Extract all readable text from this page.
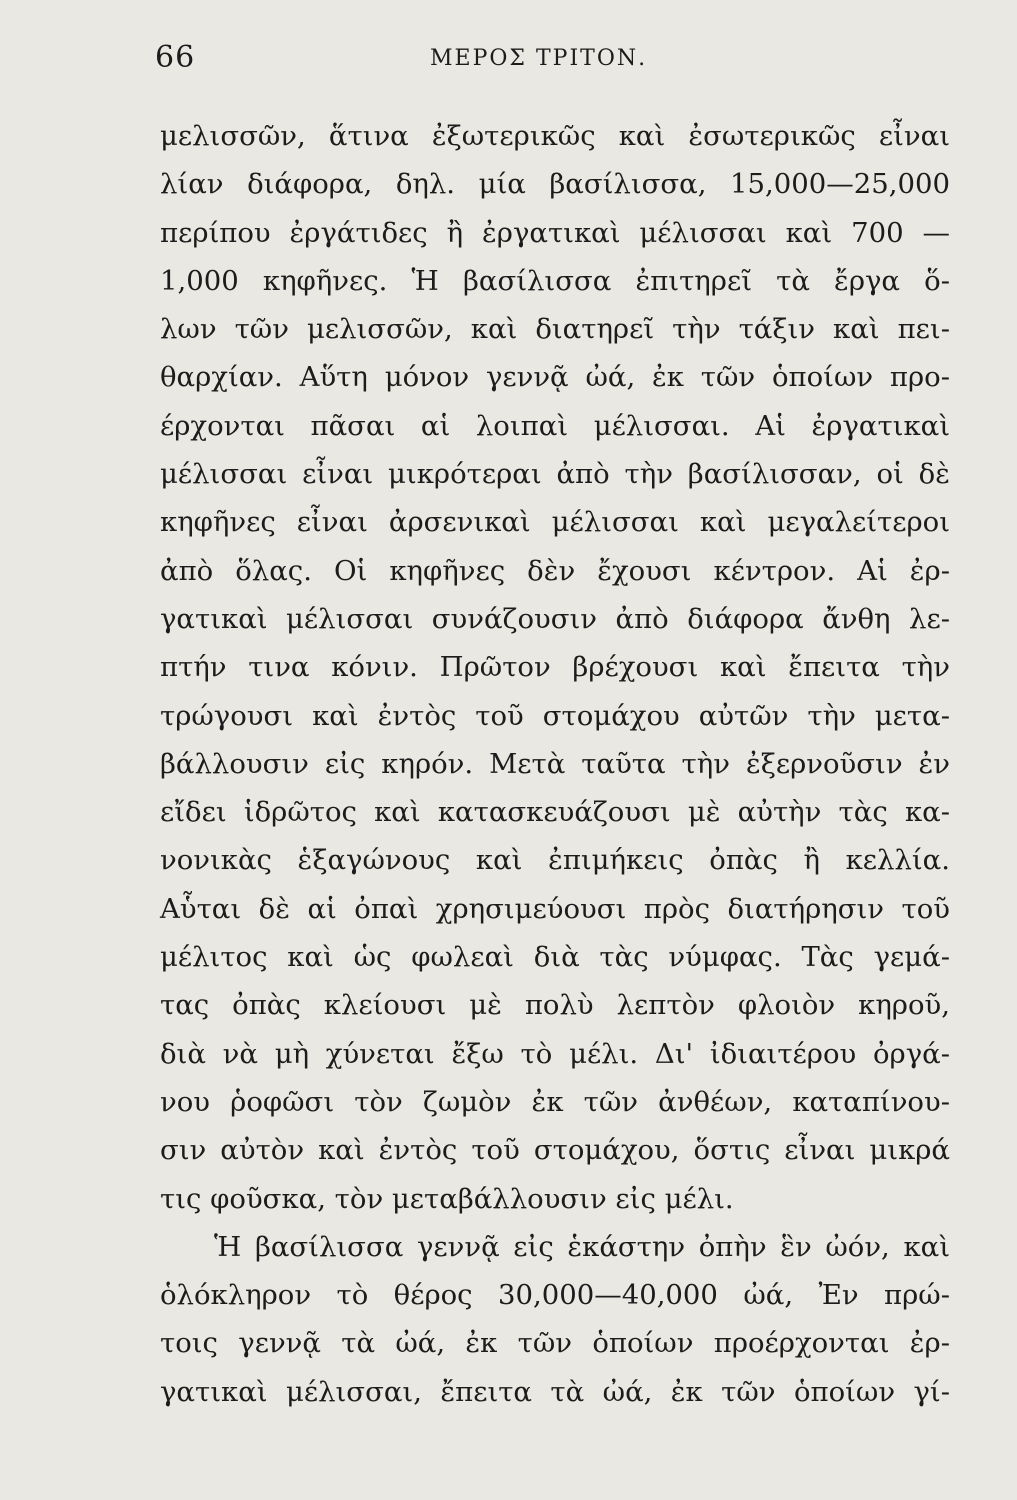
66	ΜΕΡΟΣ ΤΡΙΤΟΝ.
μελισσῶν, ἅτινα ἐξωτερικῶς καὶ ἐσωτερικῶς εἶναι
λίαν διάφορα, δηλ. μία βασίλισσα, 15,000—25,000
περίπου ἐργάτιδες ἢ ἐργατικαὶ μέλισσαι καὶ 700 —
1,000 κηφῆνες. Ἡ βασίλισσα ἐπιτηρεῖ τὰ ἔργα ὅ-
λων τῶν μελισσῶν, καὶ διατηρεῖ τὴν τάξιν καὶ πει-
θαρχίαν. Αὕτη μόνον γεννᾷ ὠά, ἐκ τῶν ὁποίων προ-
έρχονται πᾶσαι αἱ λοιπαὶ μέλισσαι. Αἱ ἐργατικαὶ
μέλισσαι εἶναι μικρότεραι ἀπὸ τὴν βασίλισσαν, οἱ δὲ
κηφῆνες εἶναι ἀρσενικαὶ μέλισσαι καὶ μεγαλείτεροι
ἀπὸ ὅλας. Οἱ κηφῆνες δὲν ἔχουσι κέντρον. Αἱ ἐρ-
γατικαὶ μέλισσαι συνάζουσιν ἀπὸ διάφορα ἄνθη λε-
πτήν τινα κόνιν. Πρῶτον βρέχουσι καὶ ἔπειτα τὴν
τρώγουσι καὶ ἐντὸς τοῦ στομάχου αὐτῶν τὴν μετα-
βάλλουσιν εἰς κηρόν. Μετὰ ταῦτα τὴν ἐξερνοῦσιν ἐν
εἴδει ἱδρῶτος καὶ κατασκευάζουσι μὲ αὐτὴν τὰς κα-
νονικὰς ἑξαγώνους καὶ ἐπιμήκεις ὀπὰς ἢ κελλία.
Αὗται δὲ αἱ ὀπαὶ χρησιμεύουσι πρὸς διατήρησιν τοῦ
μέλιτος καὶ ὡς φωλεαὶ διὰ τὰς νύμφας. Τὰς γεμά-
τας ὀπὰς κλείουσι μὲ πολὺ λεπτὸν φλοιὸν κηροῦ,
διὰ νὰ μὴ χύνεται ἔξω τὸ μέλι. Δι' ἰδιαιτέρου ὀργά-
νου ῥοφῶσι τὸν ζωμὸν ἐκ τῶν ἀνθέων, καταπίνου-
σιν αὐτὸν καὶ ἐντὸς τοῦ στομάχου, ὅστις εἶναι μικρά
τις φοῦσκα, τὸν μεταβάλλουσιν εἰς μέλι.
Ἡ βασίλισσα γεννᾷ εἰς ἑκάστην ὀπὴν ἓν ὠόν, καὶ
ὁλόκληρον τὸ θέρος 30,000—40,000 ὠά, Ἐν πρώ-
τοις γεννᾷ τὰ ὠά, ἐκ τῶν ὁποίων προέρχονται ἐρ-
γατικαὶ μέλισσαι, ἔπειτα τὰ ὠά, ἐκ τῶν ὁποίων γί-
